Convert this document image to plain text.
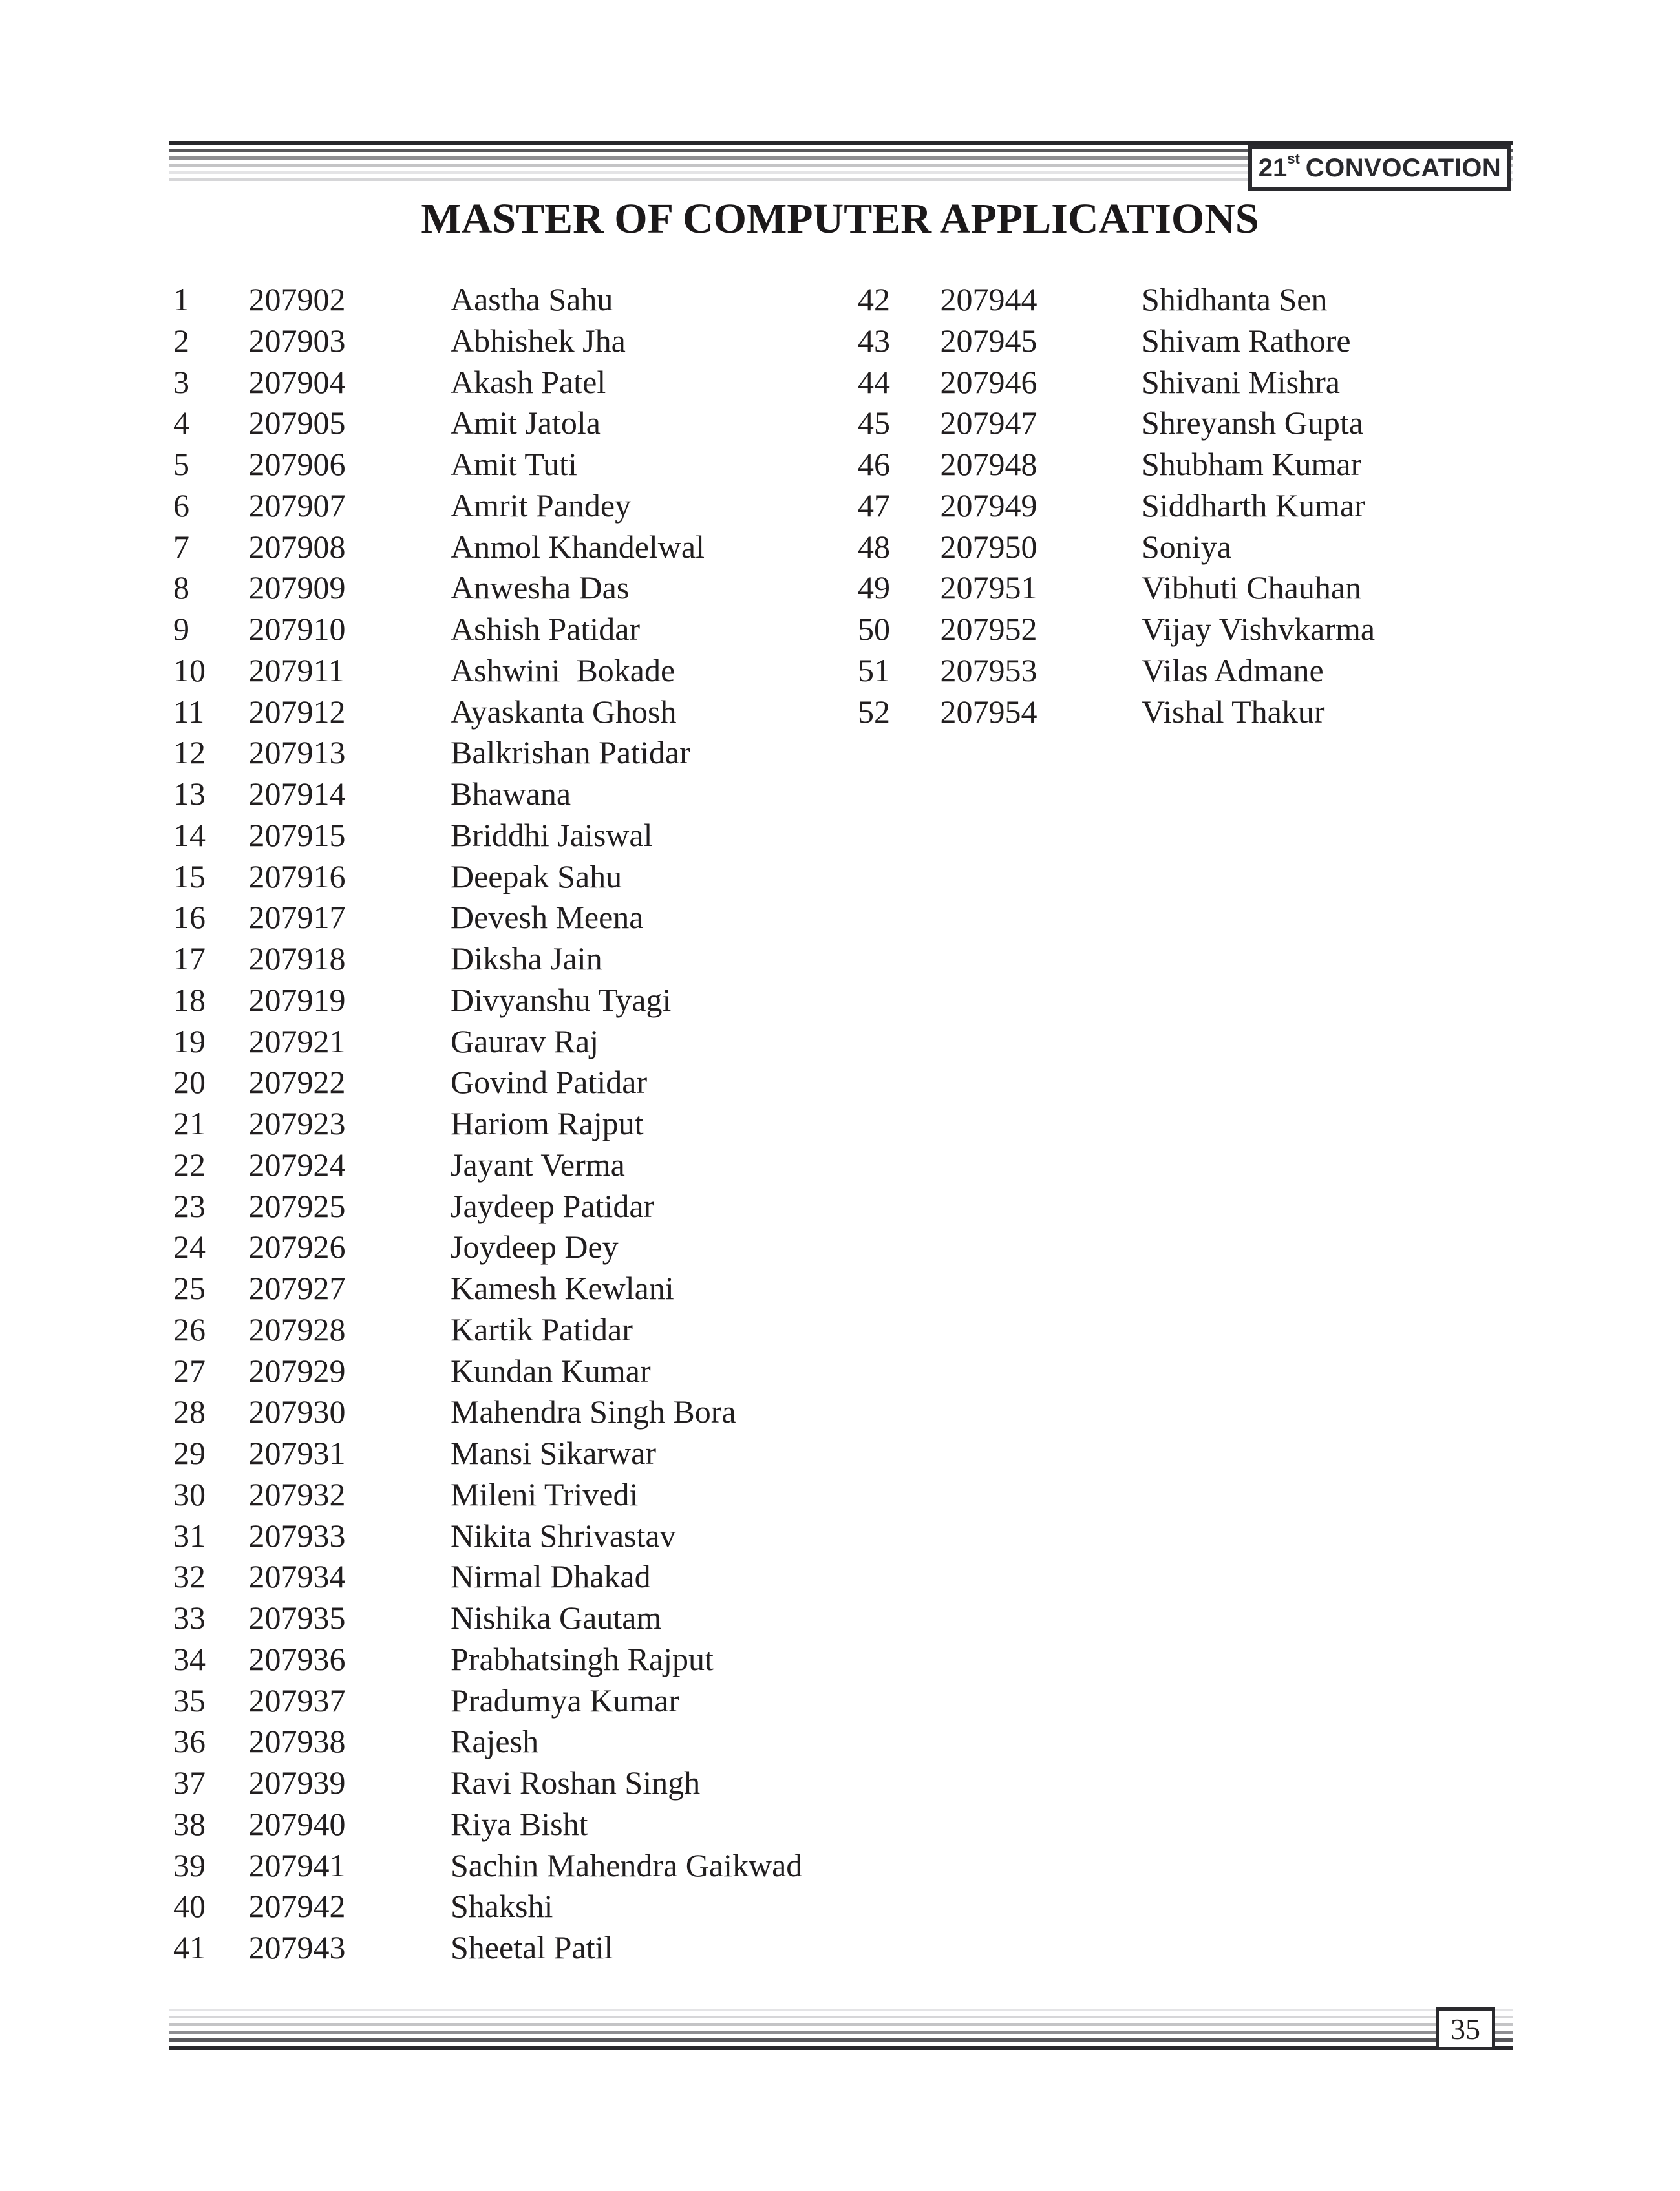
21 st CONVOCATION
MASTER OF COMPUTER APPLICATIONS
1 207902	Aastha Sahu
2 207903	Abhishek Jha
3 207904	Akash Patel
4 207905	Amit Jatola
5 207906	Amit Tuti
6 207907	Amrit Pandey
7 207908	Anmol Khandelwal
8 207909	Anwesha Das
9 207910	Ashish Patidar
10 207911	Ashwini  Bokade
11 207912	Ayaskanta Ghosh
12 207913	Balkrishan Patidar
13 207914	Bhawana
14 207915	Briddhi Jaiswal
15 207916	Deepak Sahu
16 207917	Devesh Meena
17 207918	Diksha Jain
18 207919	Divyanshu Tyagi
19 207921	Gaurav Raj
20 207922	Govind Patidar
21 207923	Hariom Rajput
22 207924	Jayant Verma
23 207925	Jaydeep Patidar
24 207926	Joydeep Dey
25 207927	Kamesh Kewlani
26 207928	Kartik Patidar
27 207929	Kundan Kumar
28 207930	Mahendra Singh Bora
29 207931	Mansi Sikarwar
30 207932	Mileni Trivedi
31 207933	Nikita Shrivastav
32 207934	Nirmal Dhakad
33 207935	Nishika Gautam
34 207936	Prabhatsingh Rajput
35 207937	Pradumya Kumar
36 207938	Rajesh
37 207939	Ravi Roshan Singh
38 207940	Riya Bisht
39 207941	Sachin Mahendra Gaikwad
40 207942	Shakshi
41 207943	Sheetal Patil
42 207944	Shidhanta Sen
43 207945	Shivam Rathore
44 207946	Shivani Mishra
45 207947	Shreyansh Gupta
46 207948	Shubham Kumar
47 207949	Siddharth Kumar
48 207950	Soniya
49 207951	Vibhuti Chauhan
50 207952	Vijay Vishvkarma
51 207953	Vilas Admane
52 207954	Vishal Thakur
35
